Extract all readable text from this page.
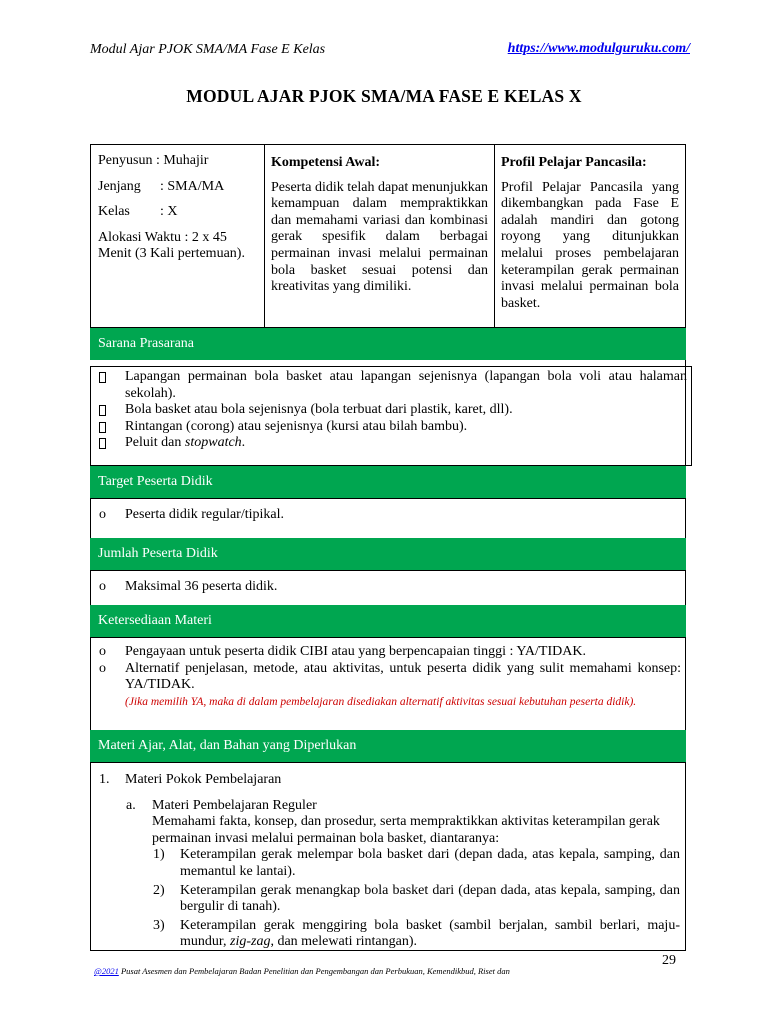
Modul Ajar PJOK SMA/MA Fase E Kelas	https://www.modulguruku.com/
MODUL AJAR PJOK SMA/MA FASE E KELAS X

Penyusun : Muhajir

Jenjang : SMA/MA

Kelas : X

Alokasi Waktu : 2 x 45 Menit (3 Kali pertemuan).

Kompetensi Awal:

Peserta didik telah dapat menunjukkan kemampuan dalam mempraktikkan dan memahami variasi dan kombinasi gerak spesifik dalam berbagai permainan invasi melalui permainan bola basket sesuai potensi dan kreativitas yang dimiliki.

Profil Pelajar Pancasila:

Profil Pelajar Pancasila yang dikembangkan pada Fase E adalah mandiri dan gotong royong yang ditunjukkan melalui proses pembelajaran keterampilan gerak permainan invasi melalui permainan bola basket.

Sarana Prasarana
Lapangan permainan bola basket atau lapangan sejenisnya (lapangan bola voli atau halaman sekolah).
Bola basket atau bola sejenisnya (bola terbuat dari plastik, karet, dll).
Rintangan (corong) atau sejenisnya (kursi atau bilah bambu).
Peluit dan stopwatch.
Target Peserta Didik
o Peserta didik regular/tipikal.
Jumlah Peserta Didik
o Maksimal 36 peserta didik.
Ketersediaan Materi
o Pengayaan untuk peserta didik CIBI atau yang berpencapaian tinggi : YA/TIDAK.
o Alternatif penjelasan, metode, atau aktivitas, untuk peserta didik yang sulit memahami konsep: YA/TIDAK.
(Jika memilih YA, maka di dalam pembelajaran disediakan alternatif aktivitas sesuai kebutuhan peserta didik).
Materi Ajar, Alat, dan Bahan yang Diperlukan
1. Materi Pokok Pembelajaran
a. Materi Pembelajaran Reguler
Memahami fakta, konsep, dan prosedur, serta mempraktikkan aktivitas keterampilan gerak permainan invasi melalui permainan bola basket, diantaranya:
1) Keterampilan gerak melempar bola basket dari (depan dada, atas kepala, samping, dan memantul ke lantai).
2) Keterampilan gerak menangkap bola basket dari (depan dada, atas kepala, samping, dan bergulir di tanah).
3) Keterampilan gerak menggiring bola basket (sambil berjalan, sambil berlari, maju-mundur, zig-zag, dan melewati rintangan).
29
@2021 Pusat Asesmen dan Pembelajaran Badan Penelitian dan Pengembangan dan Perbukuan, Kemendikbud, Riset dan
